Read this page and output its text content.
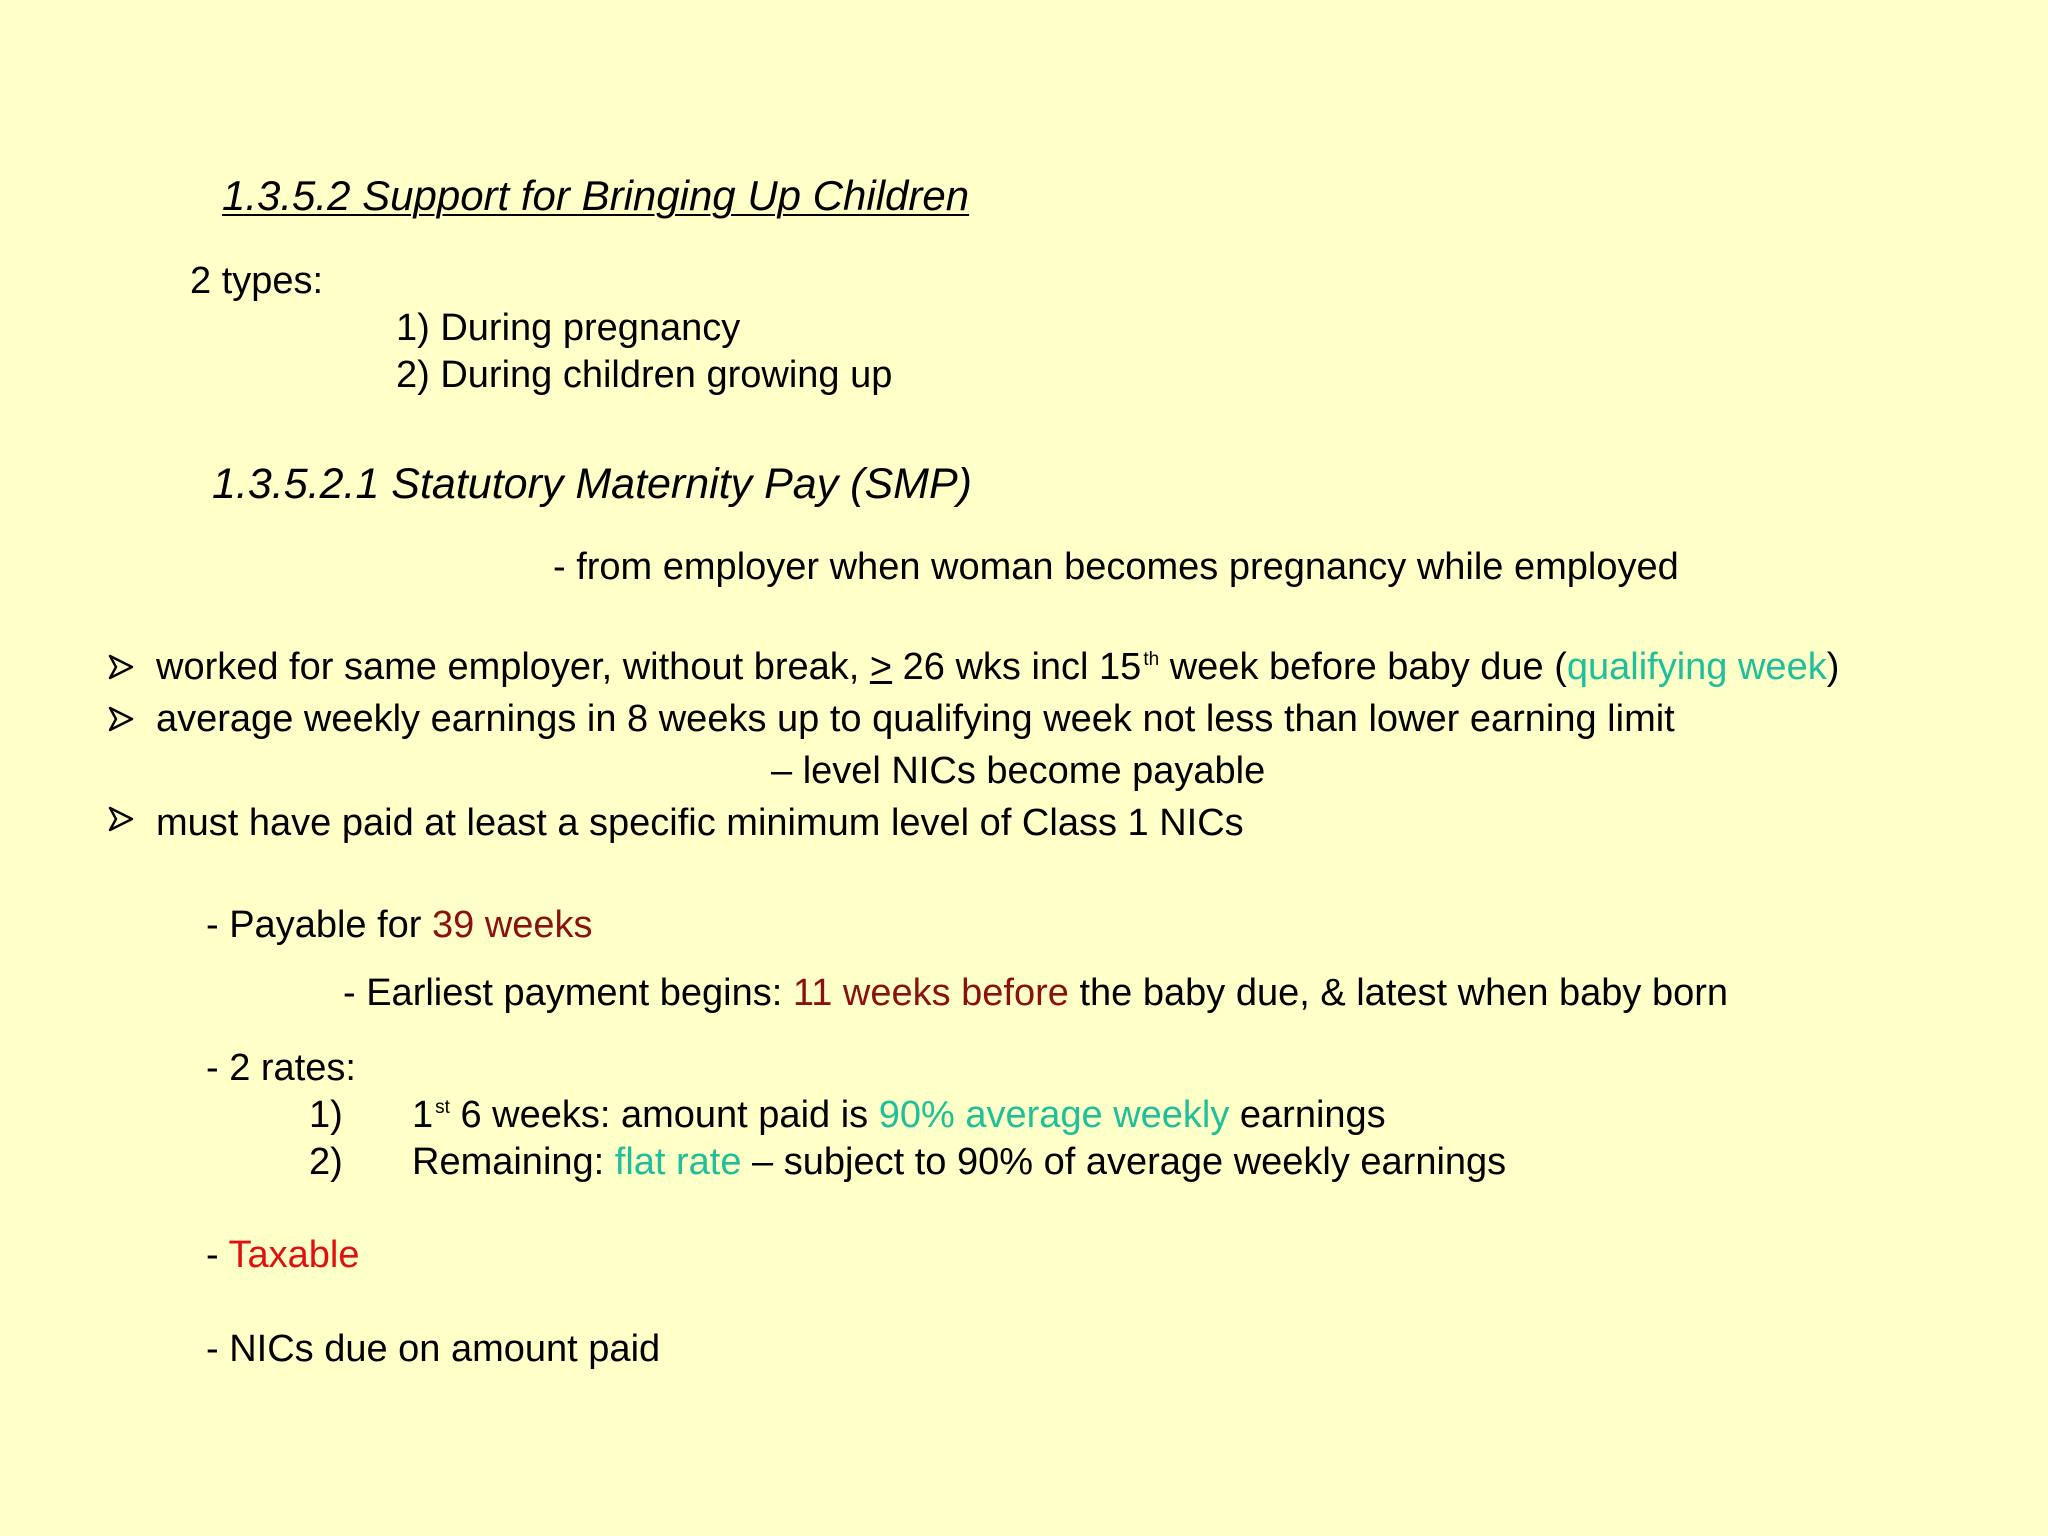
1.3.5.2 Support for Bringing Up Children
2 types:
1) During pregnancy
2) During children growing up
1.3.5.2.1 Statutory Maternity Pay (SMP)
- from employer when woman becomes pregnancy while employed
worked for same employer, without break, > 26 wks incl 15 $^{th}$ week before baby due (qualifying week)
average weekly earnings in 8 weeks up to qualifying week not less than lower earning limit
– level NICs become payable
must have paid at least a specific minimum level of Class 1 NICs
- Payable for 39 weeks
- Earliest payment begins: 11 weeks before the baby due, & latest when baby born
- 2 rates:
1) 1 $^{st}$ 6 weeks: amount paid is 90% average weekly earnings
2) Remaining: flat rate – subject to 90% of average weekly earnings
- Taxable
- NICs due on amount paid
